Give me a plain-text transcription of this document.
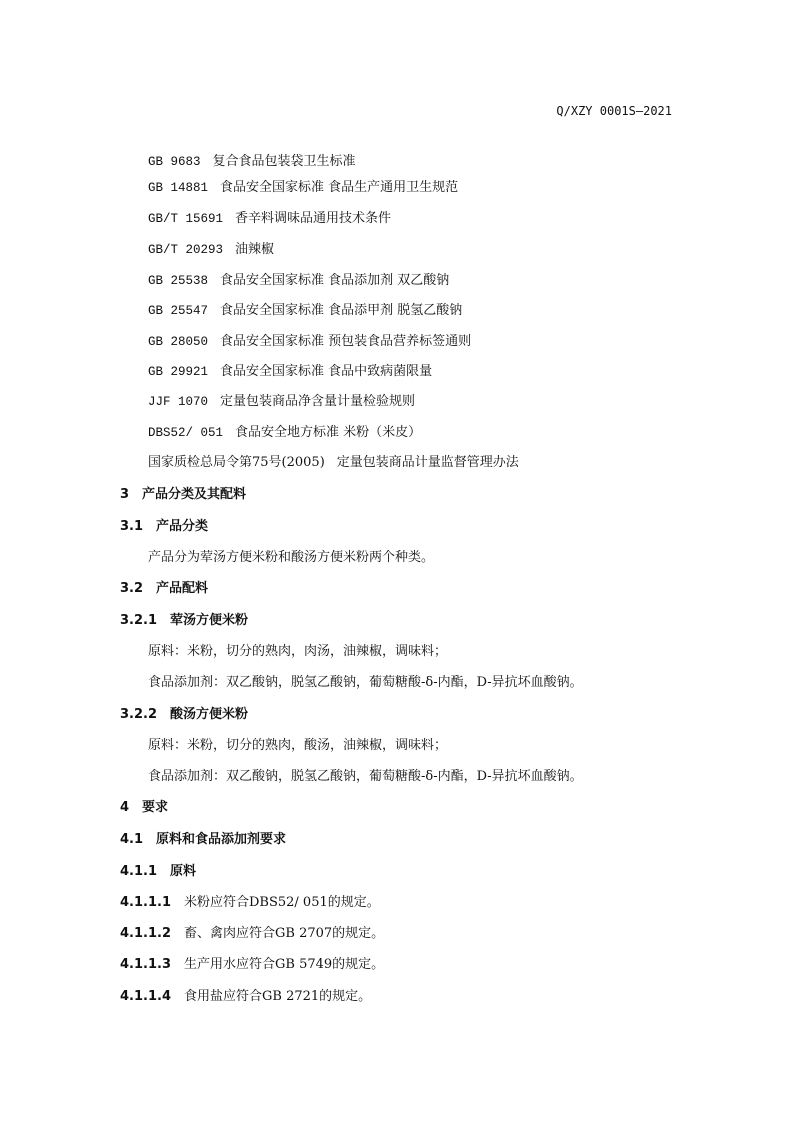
Q/XZY 0001S—2021
GB 9683 复合食品包装袋卫生标准
GB 14881 食品安全国家标准 食品生产通用卫生规范
GB/T 15691 香辛料调味品通用技术条件
GB/T 20293 油辣椒
GB 25538 食品安全国家标准 食品添加剂 双乙酸钠
GB 25547 食品安全国家标准 食品添甲剂 脱氢乙酸钠
GB 28050 食品安全国家标准 预包装食品营养标签通则
GB 29921 食品安全国家标准 食品中致病菌限量
JJF 1070 定量包装商品净含量计量检验规则
DBS52/ 051 食品安全地方标准 米粉（米皮）
国家质检总局令第75号(2005) 定量包装商品计量监督管理办法
3 产品分类及其配料
3.1 产品分类
产品分为荤汤方便米粉和酸汤方便米粉两个种类。
3.2 产品配料
3.2.1 荤汤方便米粉
原料：米粉，切分的熟肉，肉汤，油辣椒，调味料；
食品添加剂：双乙酸钠，脱氢乙酸钠，葡萄糖酸-δ-内酯，D-异抗坏血酸钠。
3.2.2 酸汤方便米粉
原料：米粉，切分的熟肉，酸汤，油辣椒，调味料；
食品添加剂：双乙酸钠，脱氢乙酸钠，葡萄糖酸-δ-内酯，D-异抗坏血酸钠。
4 要求
4.1 原料和食品添加剂要求
4.1.1 原料
4.1.1.1 米粉应符合DBS52/ 051的规定。
4.1.1.2 畜、禽肉应符合GB 2707的规定。
4.1.1.3 生产用水应符合GB 5749的规定。
4.1.1.4 食用盐应符合GB 2721的规定。
